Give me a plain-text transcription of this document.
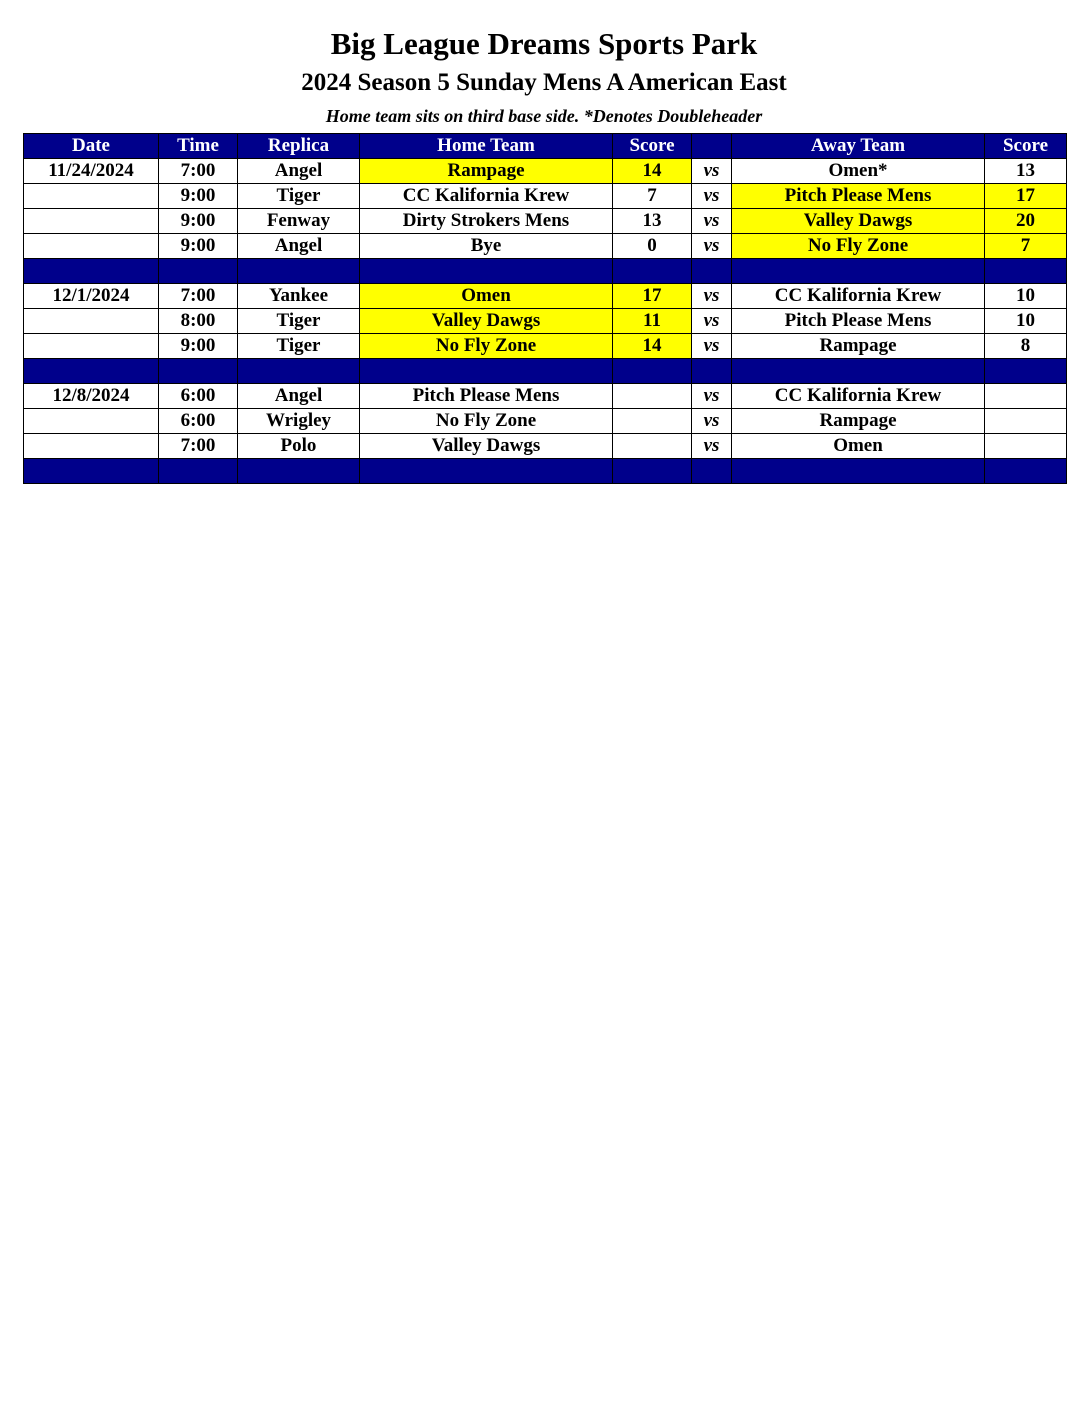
Big League Dreams Sports Park
2024 Season 5 Sunday Mens A American East
Home team sits on third base side. *Denotes Doubleheader
Date	Time	Replica	Home Team	Score		Away Team	Score
11/24/2024	7:00	Angel	Rampage	14	vs	Omen*	13
	9:00	Tiger	CC Kalifornia Krew	7	vs	Pitch Please Mens	17
	9:00	Fenway	Dirty Strokers Mens	13	vs	Valley Dawgs	20
	9:00	Angel	Bye	0	vs	No Fly Zone	7

12/1/2024	7:00	Yankee	Omen	17	vs	CC Kalifornia Krew	10
	8:00	Tiger	Valley Dawgs	11	vs	Pitch Please Mens	10
	9:00	Tiger	No Fly Zone	14	vs	Rampage	8

12/8/2024	6:00	Angel	Pitch Please Mens		vs	CC Kalifornia Krew	
	6:00	Wrigley	No Fly Zone		vs	Rampage	
	7:00	Polo	Valley Dawgs		vs	Omen	
